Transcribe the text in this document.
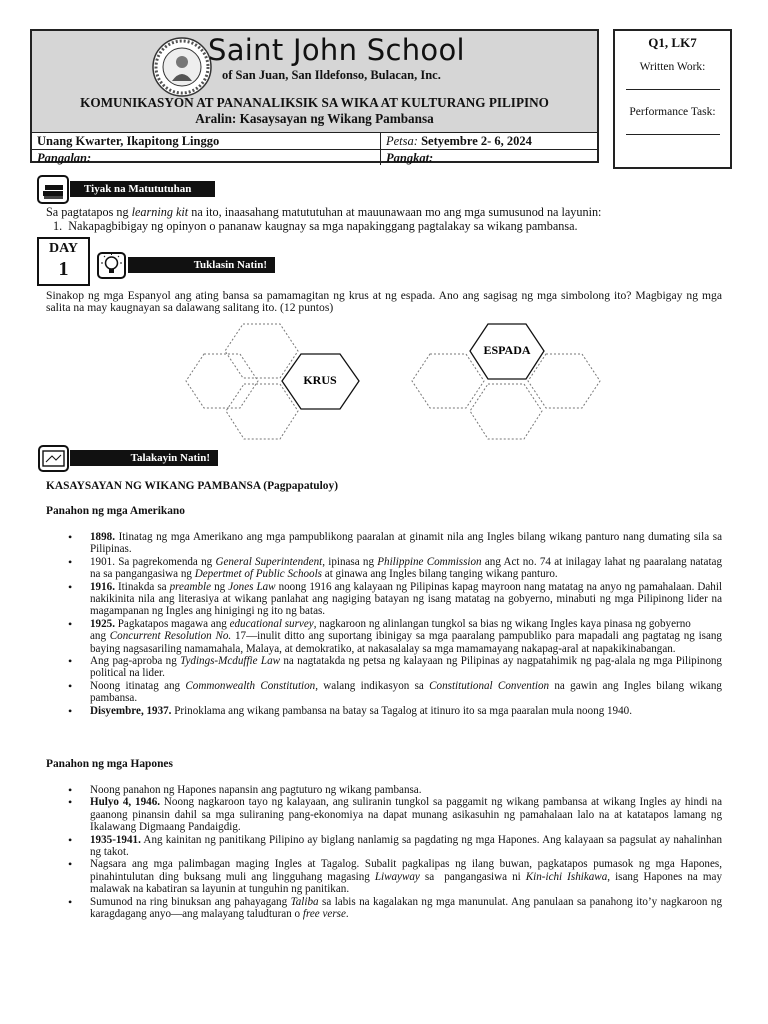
Saint John School
of San Juan, San Ildefonso, Bulacan, Inc.
KOMUNIKASYON AT PANANALIKSIK SA WIKA AT KULTURANG PILIPINO
Aralin: Kasaysayan ng Wikang Pambansa
Unang Kwarter, Ikapitong Linggo	Petsa: Setyembre 2- 6, 2024
Pangalan:	Pangkat:
Q1, LK7
Written Work:
Performance Task:
Tiyak na Matututuhan

Sa pagtatapos ng learning kit na ito, inaasahang matututuhan at mauunawaan mo ang mga sumusunod na layunin:

1. Nakapagbibigay ng opinyon o pananaw kaugnay sa mga napakinggang pagtalakay sa wikang pambansa.

DAY
1	Tuklasin Natin!

Sinakop ng mga Espanyol ang ating bansa sa pamamagitan ng krus at ng espada. Ano ang sagisag ng mga simbolong ito? Magbigay ng mga salita na may kaugnayan sa dalawang salitang ito. (12 puntos)

KRUS
ESPADA
Talakayin Natin!

KASAYSAYAN NG WIKANG PAMBANSA (Pagpapatuloy)

Panahon ng mga Amerikano

• 1898. Itinatag ng mga Amerikano ang mga pampublikong paaralan at ginamit nila ang Ingles bilang wikang panturo nang dumating sila sa Pilipinas.
• 1901. Sa pagrekomenda ng General Superintendent, ipinasa ng Philippine Commission ang Act no. 74 at inilagay lahat ng paaralang natatag na sa pangangasiwa ng Depertmet of Public Schools at ginawa ang Ingles bilang tanging wikang panturo.
• 1916. Itinakda sa preamble ng Jones Law noong 1916 ang kalayaan ng Pilipinas kapag mayroon nang matatag na anyo ng pamahalaan. Dahil nakikinita nila ang literasiya at wikang panlahat ang nagiging batayan ng isang matatag na gobyerno, minabuti ng mga Pilipinong lider na magampanan ng Ingles ang hinigingi ng ito ng batas.
• 1925. Pagkatapos magawa ang educational survey, nagkaroon ng alinlangan tungkol sa bias ng wikang Ingles kaya pinasa ng gobyerno
ang Concurrent Resolution No. 17—inulit ditto ang suportang ibinigay sa mga paaralang pampubliko para mapadali ang pagtatag ng isang baying nagsasariling namamahala, Malaya, at demokratiko, at nakasalalay sa mga mamamayang nakapag-aral at napakikinabangan.
• Ang pag-aproba ng Tydings-Mcduffie Law na nagtatakda ng petsa ng kalayaan ng Pilipinas ay nagpatahimik ng pag-alala ng mga Pilipinong political na lider.
• Noong itinatag ang Commonwealth Constitution, walang indikasyon sa Constitutional Convention na gawin ang Ingles bilang wikang pambansa.
• Disyembre, 1937. Prinoklama ang wikang pambansa na batay sa Tagalog at itinuro ito sa mga paaralan mula noong 1940.

Panahon ng mga Hapones

• Noong panahon ng Hapones napansin ang pagtuturo ng wikang pambansa.
• Hulyo 4, 1946. Noong nagkaroon tayo ng kalayaan, ang suliranin tungkol sa paggamit ng wikang pambansa at wikang Ingles ay hindi na gaanong pinansin dahil sa mga suliraning pang-ekonomiya na dapat munang asikasuhin ng pamahalaan lalo na at katatapos lamang ng Ikalawang Digmaang Pandaigdig.
• 1935-1941. Ang kainitan ng panitikang Pilipino ay biglang nanlamig sa pagdating ng mga Hapones. Ang kalayaan sa pagsulat ay nahalinhan ng takot.
• Nagsara ang mga palimbagan maging Ingles at Tagalog. Subalit pagkalipas ng ilang buwan, pagkatapos pumasok ng mga Hapones, pinahintulutan ding buksang muli ang lingguhang magasing Liwayway sa  pangangasiwa ni Kin-ichi Ishikawa, isang Hapones na may malawak na kabatiran sa layunin at tunguhin ng panitikan.
• Sumunod na ring binuksan ang pahayagang Taliba sa labis na kagalakan ng mga manunulat. Ang panulaan sa panahong ito’y nagkaroon ng karagdagang anyo—ang malayang taludturan o free verse.
